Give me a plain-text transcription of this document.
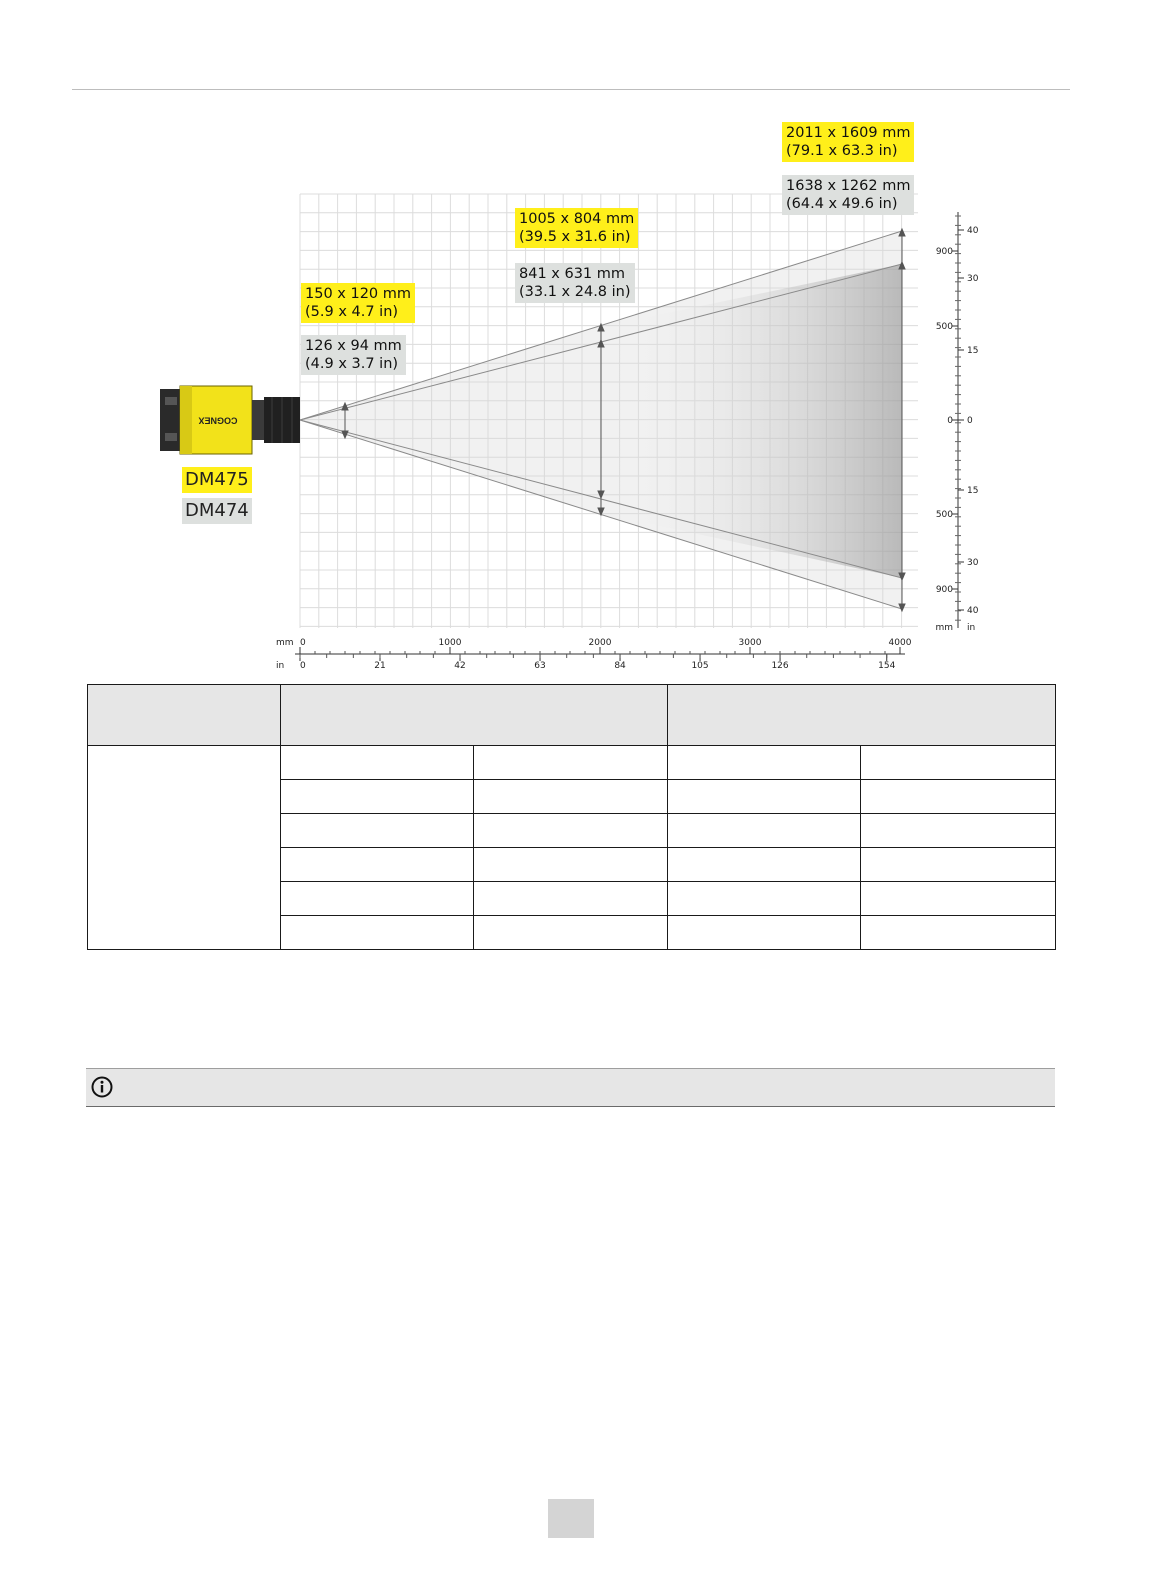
COGNEX
mm
in
0	1000	2000	3000	4000
0	21	42	63	84	105	126	154
900
500
0
500
900
40
30
15
0
15
30
40
mm in
2011 x 1609 mm
(79.1 x 63.3 in)
1638 x 1262 mm
(64.4 x 49.6 in)
1005 x 804 mm
(39.5 x 31.6 in)
841 x 631 mm
(33.1 x 24.8 in)
150 x 120 mm
(5.9 x 4.7 in)
126 x 94 mm
(4.9 x 3.7 in)
DM475
DM474
